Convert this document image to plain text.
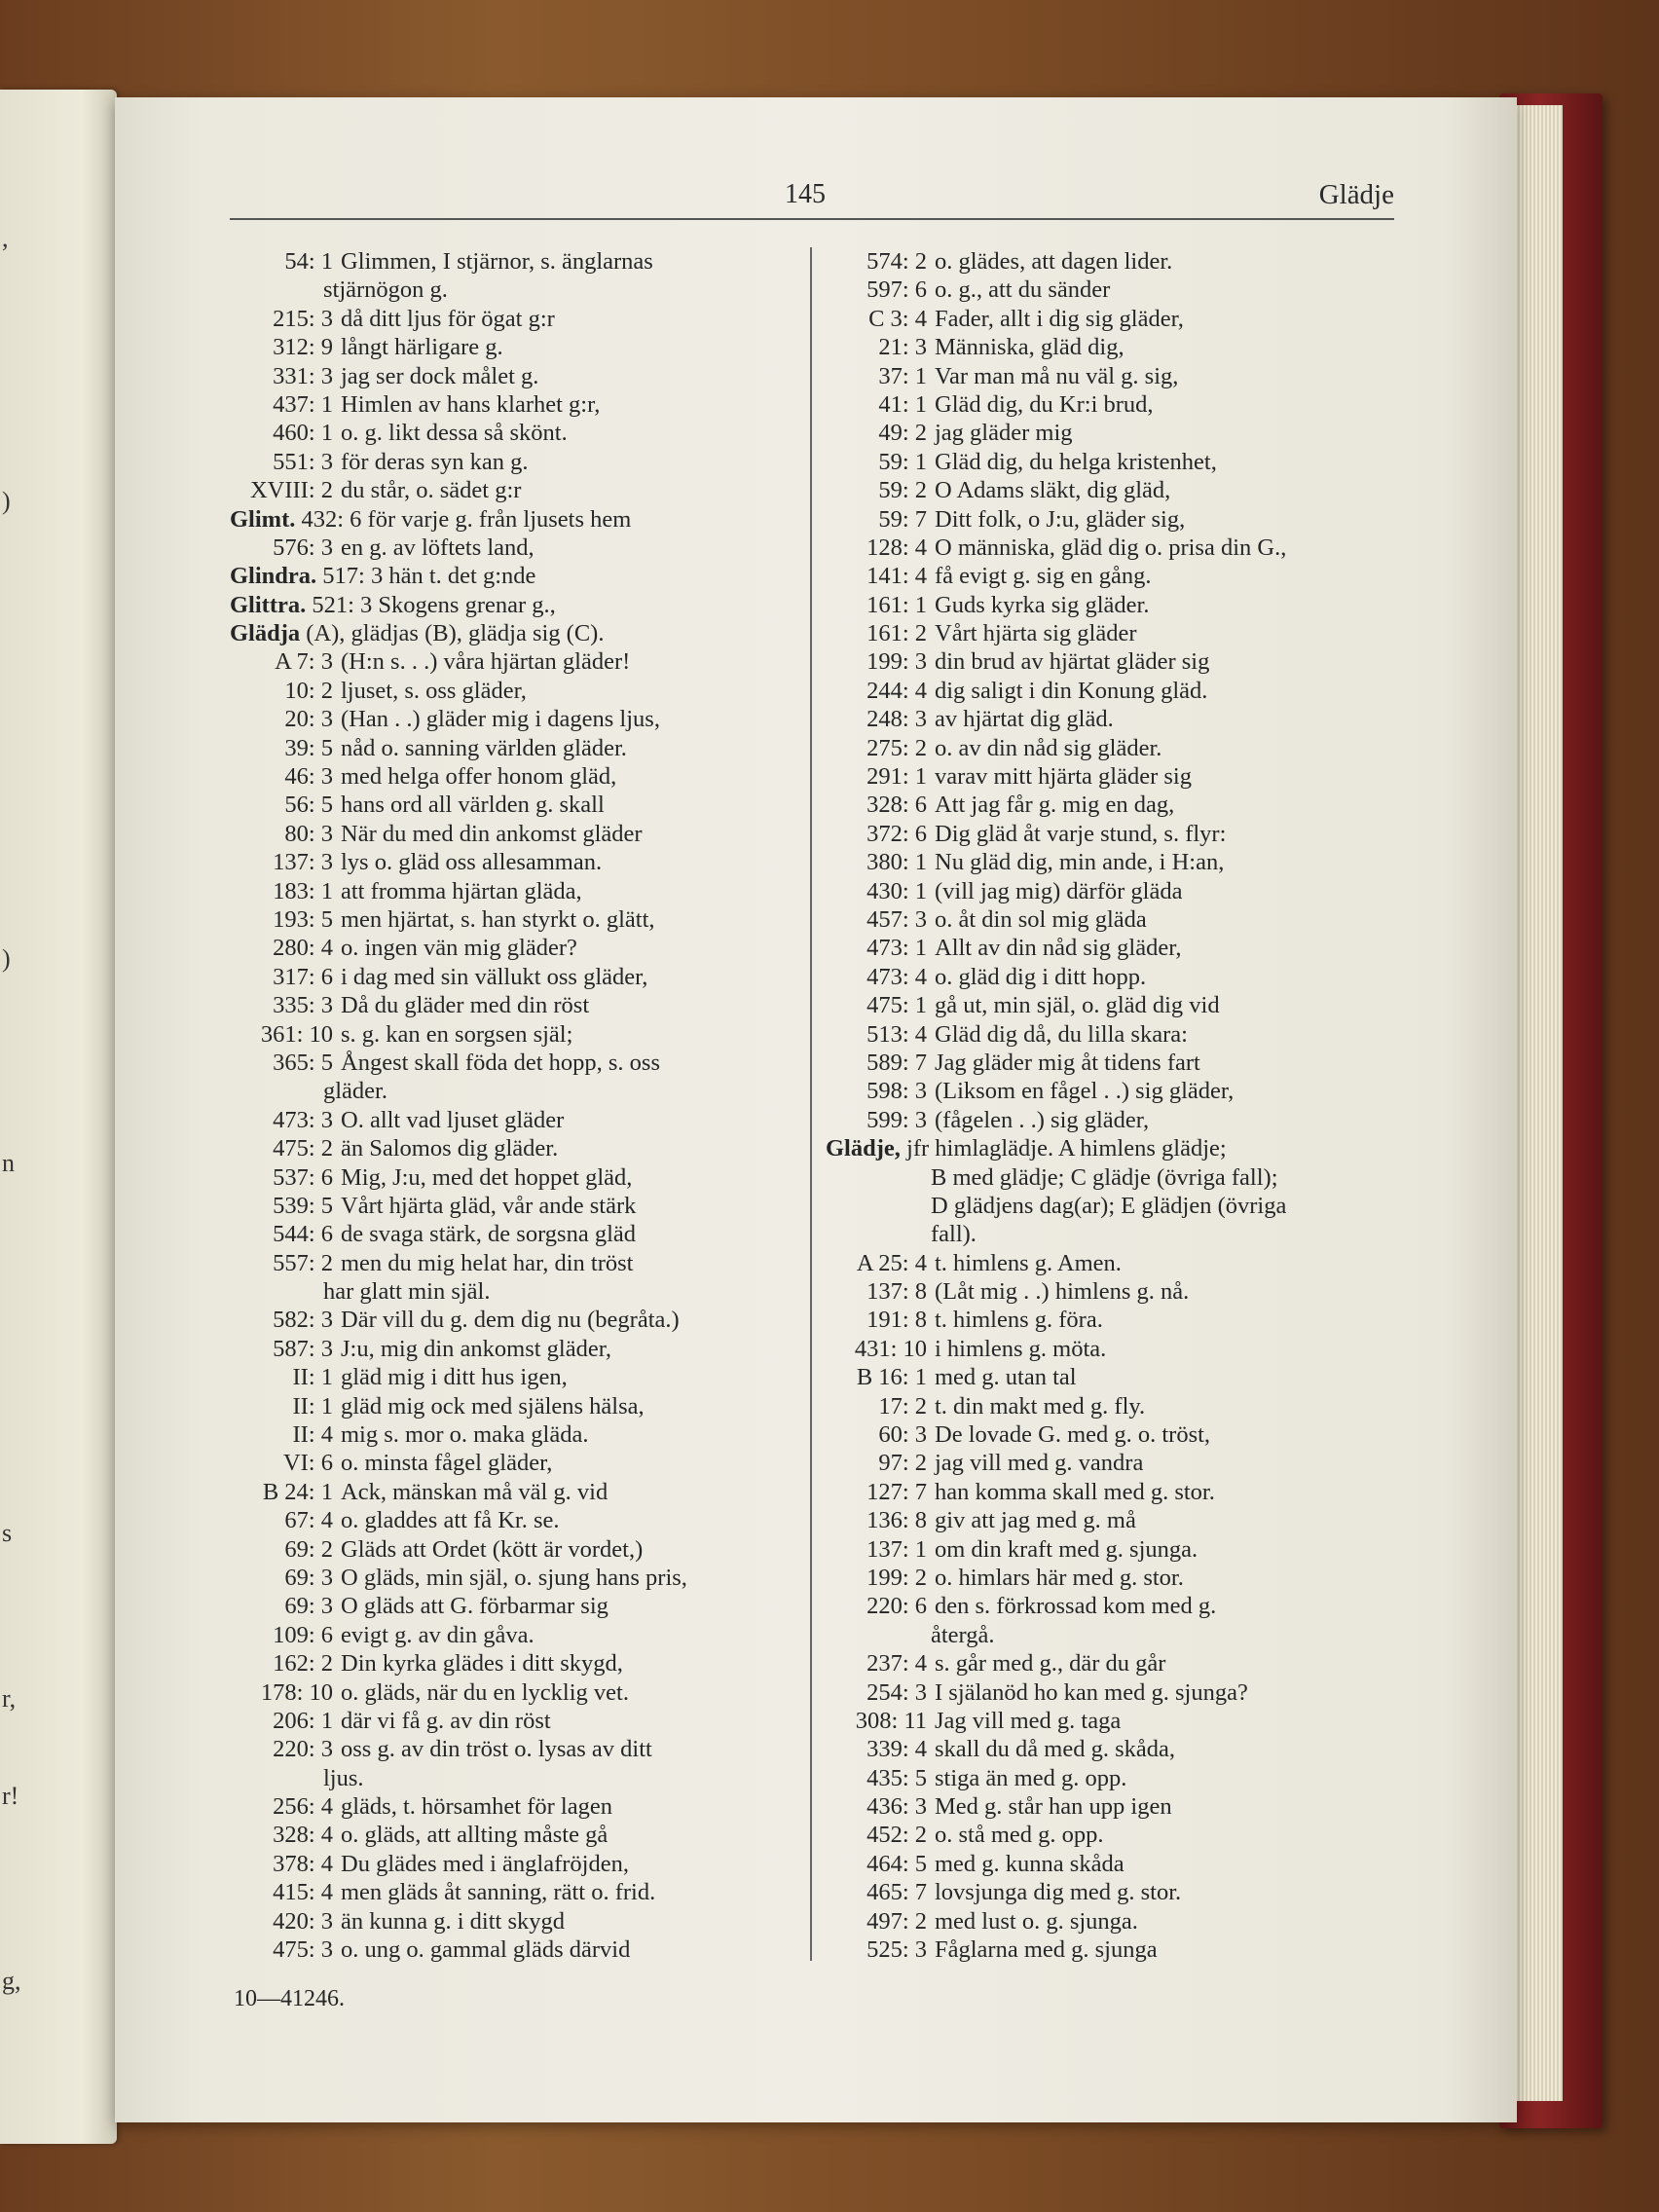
,
)
)
n
s
r,
r!
g,
145	Glädje
54: 1 Glimmen, I stjärnor, s. änglarnas
stjärnögon g.
215: 3 då ditt ljus för ögat g:r
312: 9 långt härligare g.
331: 3 jag ser dock målet g.
437: 1 Himlen av hans klarhet g:r,
460: 1 o. g. likt dessa så skönt.
551: 3 för deras syn kan g.
XVIII: 2 du står, o. sädet g:r
Glimt. 432: 6 för varje g. från ljusets hem
576: 3 en g. av löftets land,
Glindra. 517: 3 hän t. det g:nde
Glittra. 521: 3 Skogens grenar g.,
Glädja (A), glädjas (B), glädja sig (C).
A 7: 3 (H:n s. . .) våra hjärtan gläder!
10: 2 ljuset, s. oss gläder,
20: 3 (Han . .) gläder mig i dagens ljus,
39: 5 nåd o. sanning världen gläder.
46: 3 med helga offer honom gläd,
56: 5 hans ord all världen g. skall
80: 3 När du med din ankomst gläder
137: 3 lys o. gläd oss allesamman.
183: 1 att fromma hjärtan gläda,
193: 5 men hjärtat, s. han styrkt o. glätt,
280: 4 o. ingen vän mig gläder?
317: 6 i dag med sin vällukt oss gläder,
335: 3 Då du gläder med din röst
361: 10 s. g. kan en sorgsen själ;
365: 5 Ångest skall föda det hopp, s. oss
gläder.
473: 3 O. allt vad ljuset gläder
475: 2 än Salomos dig gläder.
537: 6 Mig, J:u, med det hoppet gläd,
539: 5 Vårt hjärta gläd, vår ande stärk
544: 6 de svaga stärk, de sorgsna gläd
557: 2 men du mig helat har, din tröst
har glatt min själ.
582: 3 Där vill du g. dem dig nu (begråta.)
587: 3 J:u, mig din ankomst gläder,
II: 1 gläd mig i ditt hus igen,
II: 1 gläd mig ock med själens hälsa,
II: 4 mig s. mor o. maka gläda.
VI: 6 o. minsta fågel gläder,
B 24: 1 Ack, mänskan må väl g. vid
67: 4 o. gladdes att få Kr. se.
69: 2 Gläds att Ordet (kött är vordet,)
69: 3 O gläds, min själ, o. sjung hans pris,
69: 3 O gläds att G. förbarmar sig
109: 6 evigt g. av din gåva.
162: 2 Din kyrka glädes i ditt skygd,
178: 10 o. gläds, när du en lycklig vet.
206: 1 där vi få g. av din röst
220: 3 oss g. av din tröst o. lysas av ditt
ljus.
256: 4 gläds, t. hörsamhet för lagen
328: 4 o. gläds, att allting måste gå
378: 4 Du glädes med i änglafröjden,
415: 4 men gläds åt sanning, rätt o. frid.
420: 3 än kunna g. i ditt skygd
475: 3 o. ung o. gammal gläds därvid
574: 2 o. glädes, att dagen lider.
597: 6 o. g., att du sänder
C 3: 4 Fader, allt i dig sig gläder,
21: 3 Människa, gläd dig,
37: 1 Var man må nu väl g. sig,
41: 1 Gläd dig, du Kr:i brud,
49: 2 jag gläder mig
59: 1 Gläd dig, du helga kristenhet,
59: 2 O Adams släkt, dig gläd,
59: 7 Ditt folk, o J:u, gläder sig,
128: 4 O människa, gläd dig o. prisa din G.,
141: 4 få evigt g. sig en gång.
161: 1 Guds kyrka sig gläder.
161: 2 Vårt hjärta sig gläder
199: 3 din brud av hjärtat gläder sig
244: 4 dig saligt i din Konung gläd.
248: 3 av hjärtat dig gläd.
275: 2 o. av din nåd sig gläder.
291: 1 varav mitt hjärta gläder sig
328: 6 Att jag får g. mig en dag,
372: 6 Dig gläd åt varje stund, s. flyr:
380: 1 Nu gläd dig, min ande, i H:an,
430: 1 (vill jag mig) därför gläda
457: 3 o. åt din sol mig gläda
473: 1 Allt av din nåd sig gläder,
473: 4 o. gläd dig i ditt hopp.
475: 1 gå ut, min själ, o. gläd dig vid
513: 4 Gläd dig då, du lilla skara:
589: 7 Jag gläder mig åt tidens fart
598: 3 (Liksom en fågel . .) sig gläder,
599: 3 (fågelen . .) sig gläder,
Glädje, jfr himlaglädje. A himlens glädje;
B med glädje; C glädje (övriga fall);
D glädjens dag(ar); E glädjen (övriga
fall).
A 25: 4 t. himlens g. Amen.
137: 8 (Låt mig . .) himlens g. nå.
191: 8 t. himlens g. föra.
431: 10 i himlens g. möta.
B 16: 1 med g. utan tal
17: 2 t. din makt med g. fly.
60: 3 De lovade G. med g. o. tröst,
97: 2 jag vill med g. vandra
127: 7 han komma skall med g. stor.
136: 8 giv att jag med g. må
137: 1 om din kraft med g. sjunga.
199: 2 o. himlars här med g. stor.
220: 6 den s. förkrossad kom med g.
återgå.
237: 4 s. går med g., där du går
254: 3 I själanöd ho kan med g. sjunga?
308: 11 Jag vill med g. taga
339: 4 skall du då med g. skåda,
435: 5 stiga än med g. opp.
436: 3 Med g. står han upp igen
452: 2 o. stå med g. opp.
464: 5 med g. kunna skåda
465: 7 lovsjunga dig med g. stor.
497: 2 med lust o. g. sjunga.
525: 3 Fåglarna med g. sjunga
10—41246.
